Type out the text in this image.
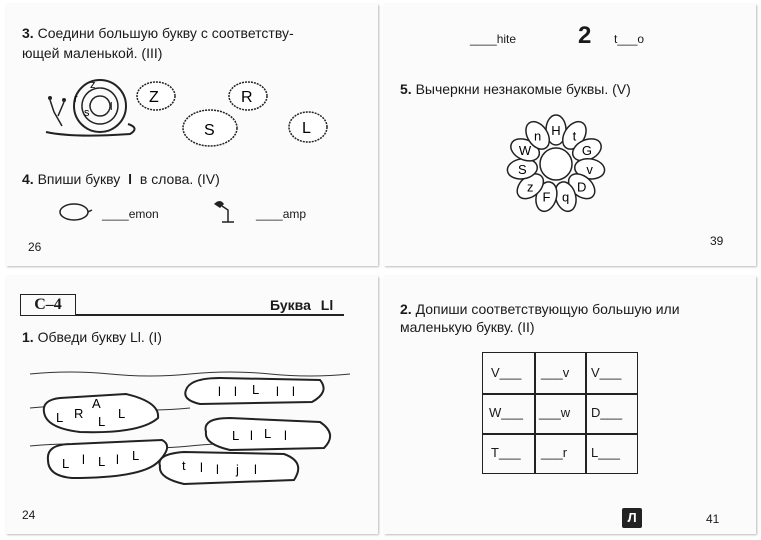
3. Соедини большую букву с соответству-
ющей маленькой. (III)
r
z
s l
Z	R
S	L
4. Впиши букву l в слова. (IV)
____emon	____amp
26
____hite	2 t___o
5. Вычеркни незнакомые буквы. (V)
H t
G
v
D
q
F
z
S
W
n
39
С–4	Буква Ll
1. Обведи букву Ll. (I)
L R
A
L
L
l l L l l
L l L l
L l L l L
t l l j l
24
2. Допиши соответствующую большую или
маленькую букву. (II)
V___ ___v V___
W___ ___w D___
T___ ___r L___
Л	41
